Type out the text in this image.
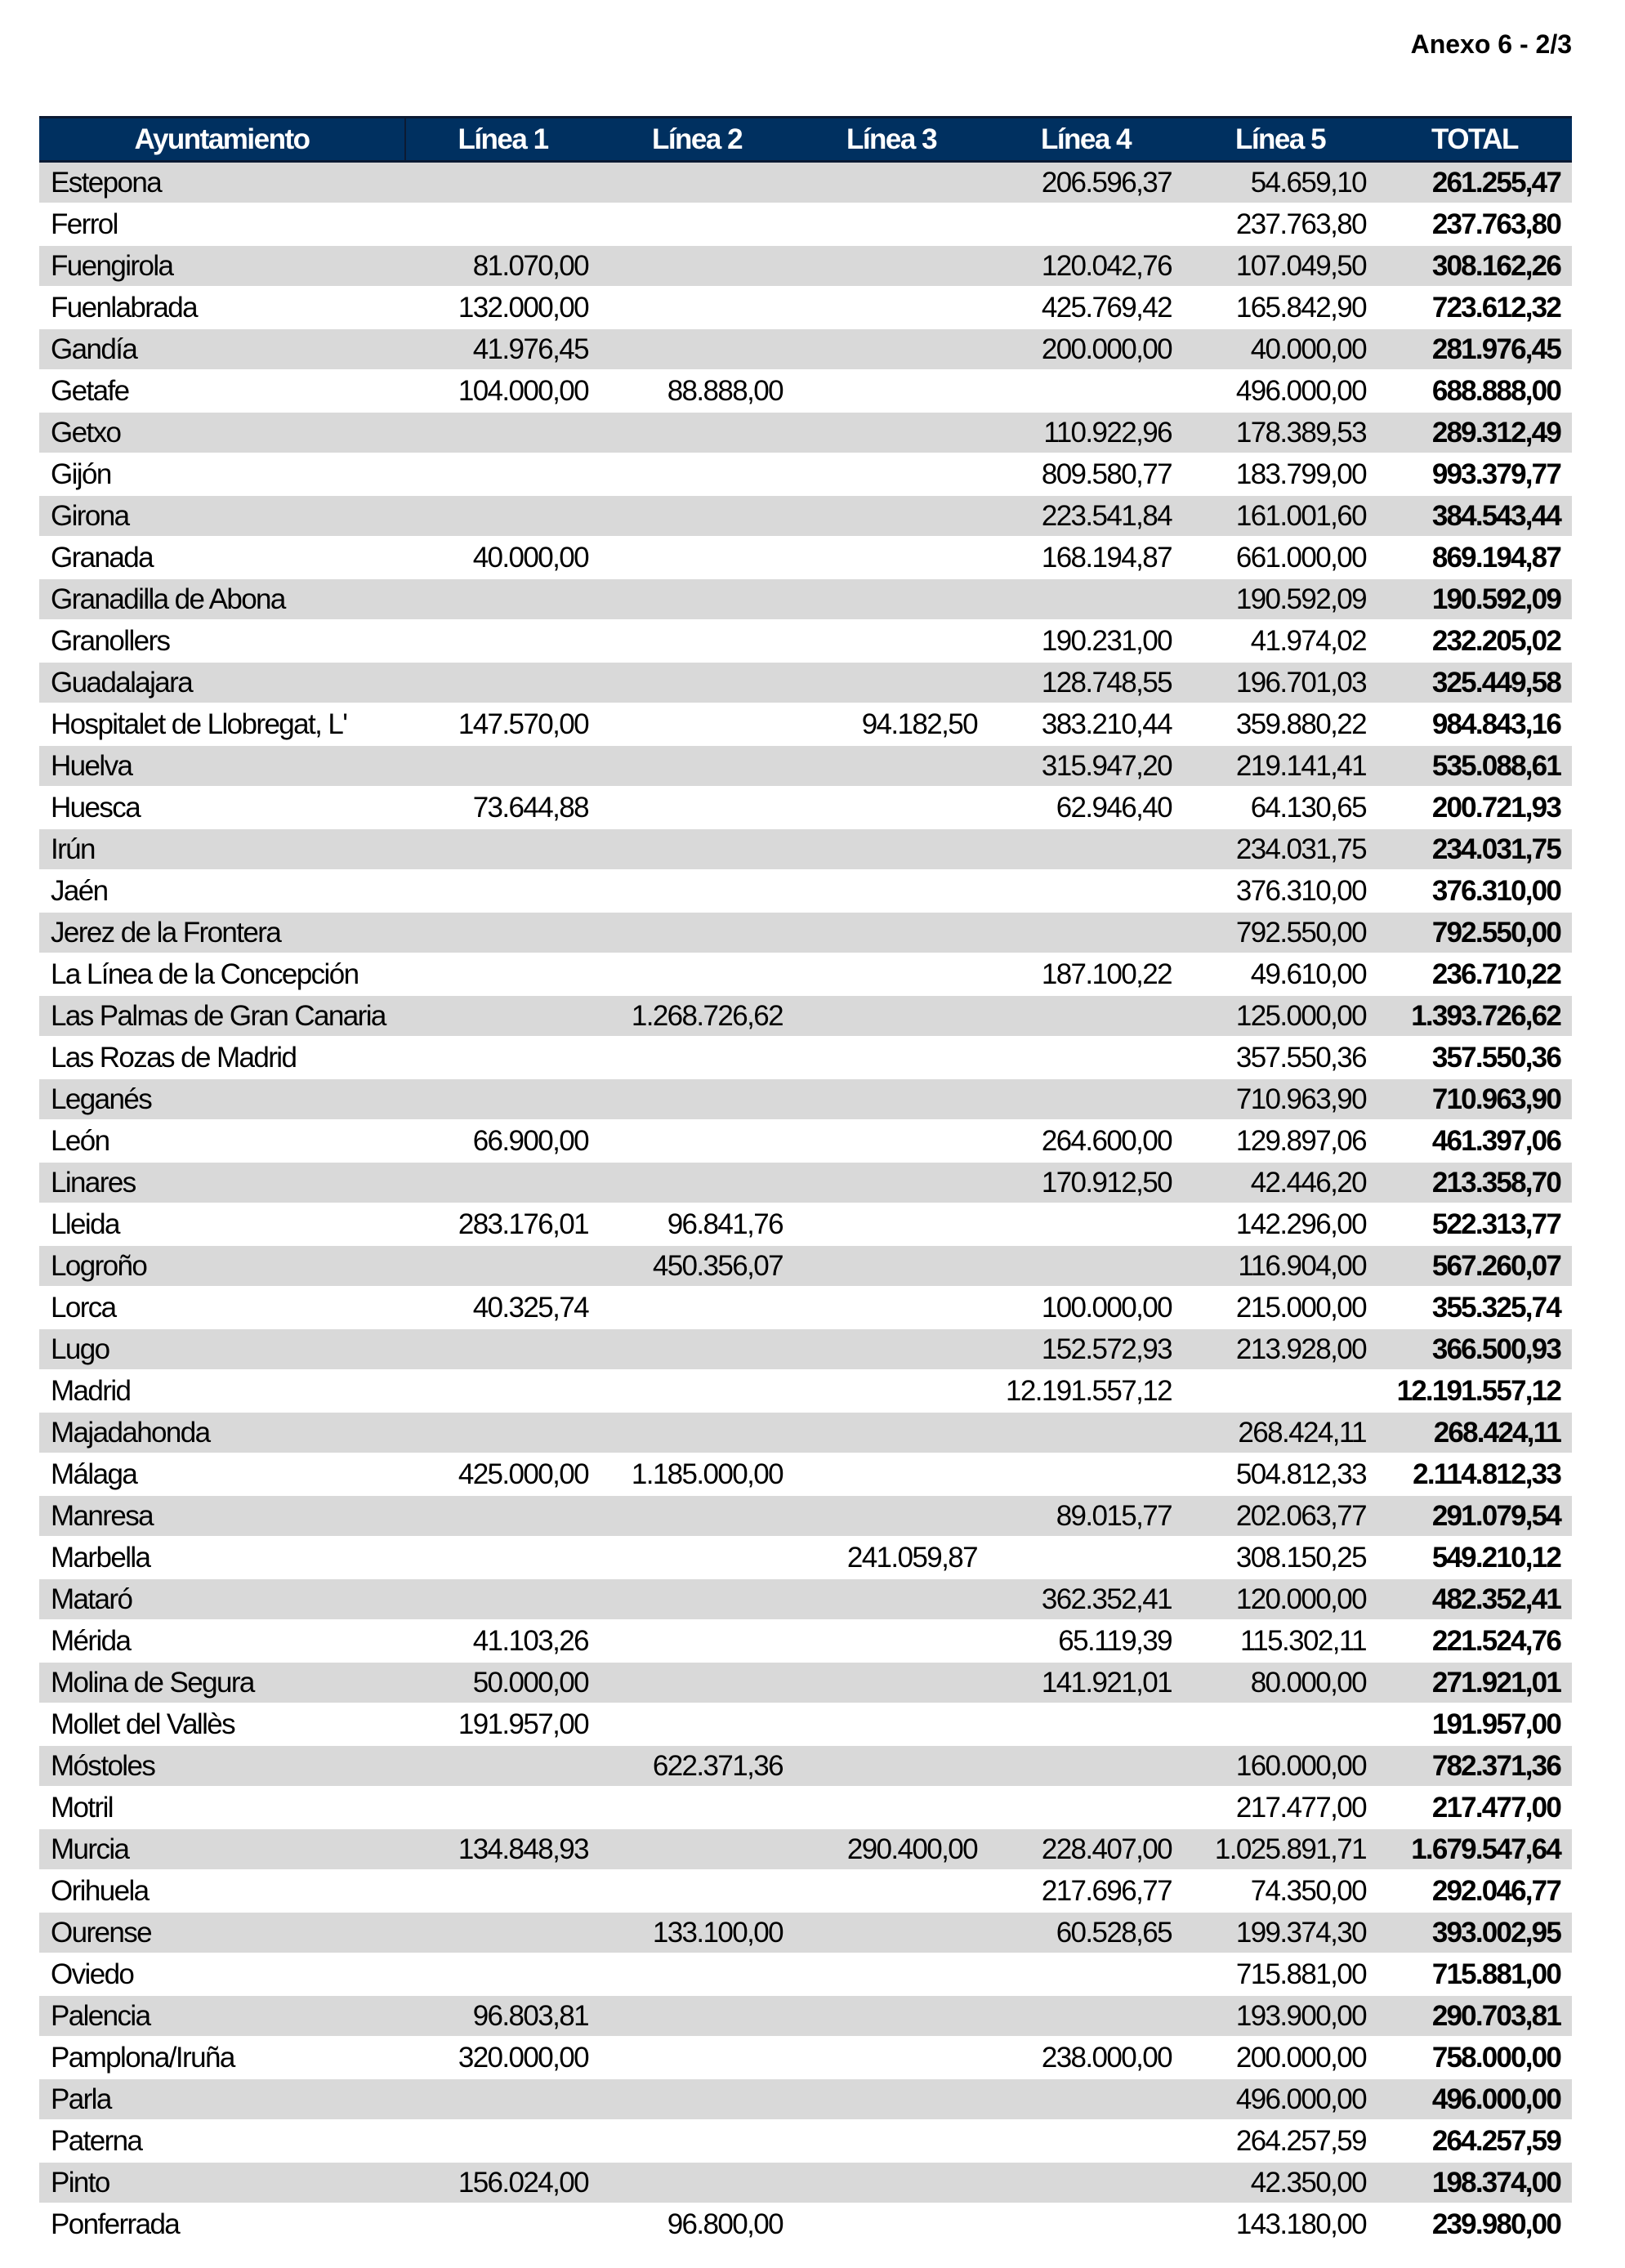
Anexo 6 - 2/3
Ayuntamiento	Línea 1	Línea 2	Línea 3	Línea 4	Línea 5	TOTAL
Estepona				206.596,37	54.659,10	261.255,47
Ferrol					237.763,80	237.763,80
Fuengirola	81.070,00			120.042,76	107.049,50	308.162,26
Fuenlabrada	132.000,00			425.769,42	165.842,90	723.612,32
Gandía	41.976,45			200.000,00	40.000,00	281.976,45
Getafe	104.000,00	88.888,00			496.000,00	688.888,00
Getxo				110.922,96	178.389,53	289.312,49
Gijón				809.580,77	183.799,00	993.379,77
Girona				223.541,84	161.001,60	384.543,44
Granada	40.000,00			168.194,87	661.000,00	869.194,87
Granadilla de Abona					190.592,09	190.592,09
Granollers				190.231,00	41.974,02	232.205,02
Guadalajara				128.748,55	196.701,03	325.449,58
Hospitalet de Llobregat, L'	147.570,00		94.182,50	383.210,44	359.880,22	984.843,16
Huelva				315.947,20	219.141,41	535.088,61
Huesca	73.644,88			62.946,40	64.130,65	200.721,93
Irún					234.031,75	234.031,75
Jaén					376.310,00	376.310,00
Jerez de la Frontera					792.550,00	792.550,00
La Línea de la Concepción				187.100,22	49.610,00	236.710,22
Las Palmas de Gran Canaria		1.268.726,62			125.000,00	1.393.726,62
Las Rozas de Madrid					357.550,36	357.550,36
Leganés					710.963,90	710.963,90
León	66.900,00			264.600,00	129.897,06	461.397,06
Linares				170.912,50	42.446,20	213.358,70
Lleida	283.176,01	96.841,76			142.296,00	522.313,77
Logroño		450.356,07			116.904,00	567.260,07
Lorca	40.325,74			100.000,00	215.000,00	355.325,74
Lugo				152.572,93	213.928,00	366.500,93
Madrid				12.191.557,12		12.191.557,12
Majadahonda					268.424,11	268.424,11
Málaga	425.000,00	1.185.000,00			504.812,33	2.114.812,33
Manresa				89.015,77	202.063,77	291.079,54
Marbella			241.059,87		308.150,25	549.210,12
Mataró				362.352,41	120.000,00	482.352,41
Mérida	41.103,26			65.119,39	115.302,11	221.524,76
Molina de Segura	50.000,00			141.921,01	80.000,00	271.921,01
Mollet del Vallès	191.957,00					191.957,00
Móstoles		622.371,36			160.000,00	782.371,36
Motril					217.477,00	217.477,00
Murcia	134.848,93		290.400,00	228.407,00	1.025.891,71	1.679.547,64
Orihuela				217.696,77	74.350,00	292.046,77
Ourense		133.100,00		60.528,65	199.374,30	393.002,95
Oviedo					715.881,00	715.881,00
Palencia	96.803,81				193.900,00	290.703,81
Pamplona/Iruña	320.000,00			238.000,00	200.000,00	758.000,00
Parla					496.000,00	496.000,00
Paterna					264.257,59	264.257,59
Pinto	156.024,00				42.350,00	198.374,00
Ponferrada		96.800,00			143.180,00	239.980,00
